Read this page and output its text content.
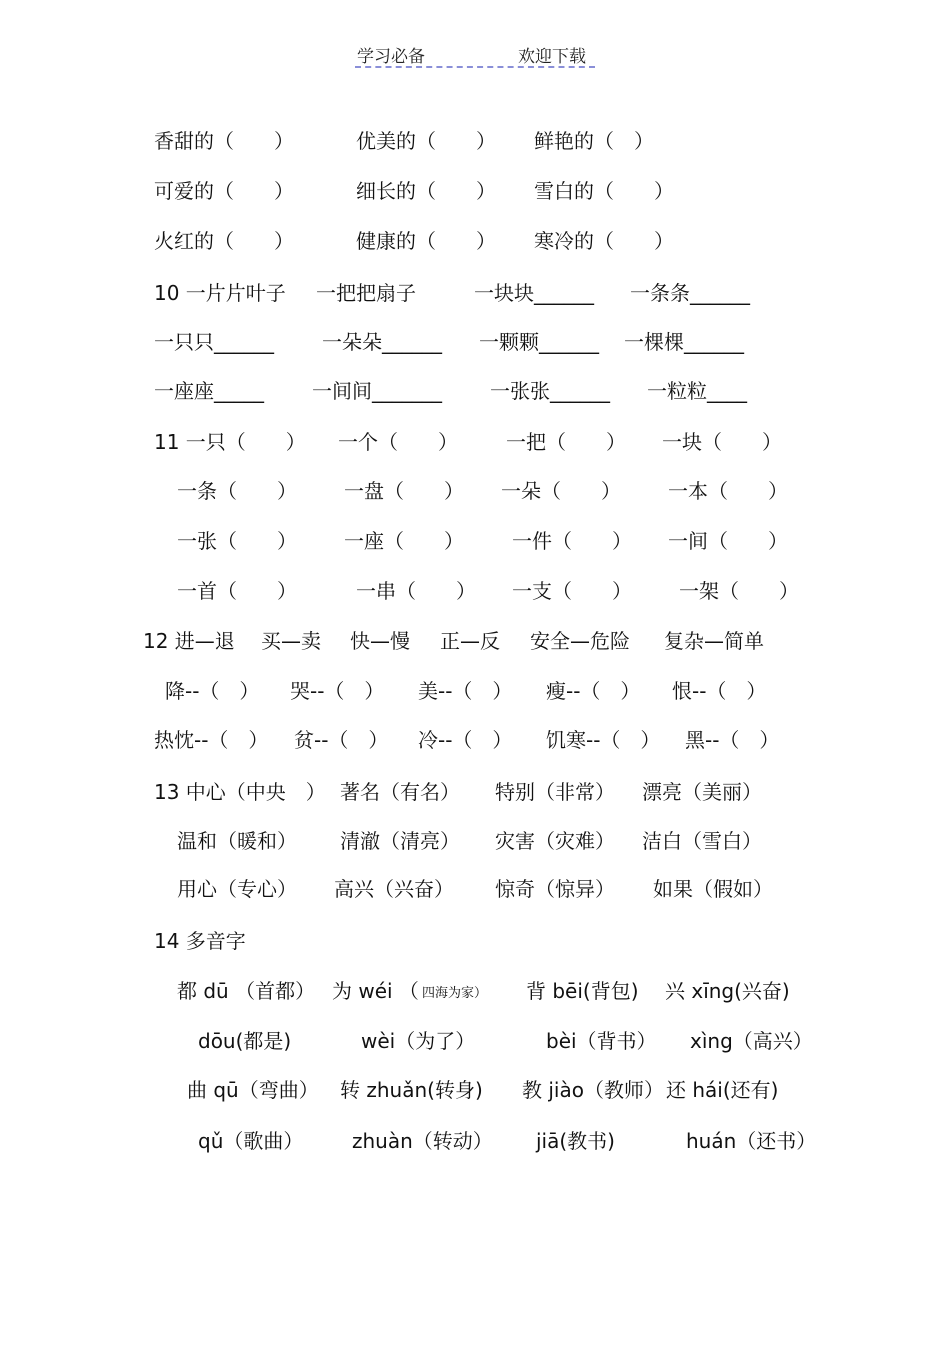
学习必备	欢迎下载
香甜的（　　）	优美的（　　） 鲜艳的（　）
可爱的（　　）	细长的（　　） 雪白的（　　）
火红的（　　）	健康的（　　） 寒冷的（　　）
10 一片片叶子 一把把扇子	一块块______ 一条条______
一只只______ 一朵朵______ 一颗颗______ 一棵棵______
一座座_____ 一间间_______ 一张张______ 一粒粒____
11 一只（　　） 一个（　　） 一把（　　） 一块（　　）
一条（　　） 一盘（　　） 一朵（　　） 一本（　　）
一张（　　） 一座（　　） 一件（　　） 一间（　　）
一首（　　）	一串（　　） 一支（　　） 一架（　　）
12 进—退 买—卖 快—慢 正—反 安全—危险 复杂—简单
降--（　） 哭--（　） 美--（　） 瘦--（　） 恨--（　）
热忱--（　） 贫--（　） 冷--（　） 饥寒--（　） 黑--（　）
13 中心（中央　） 著名（有名） 特别（非常） 漂亮（美丽）
温和（暖和） 清澈（清亮） 灾害（灾难） 洁白（雪白）
用心（专心） 高兴（兴奋） 惊奇（惊异） 如果（假如）
14 多音字
都 dū （首都） 为 wéi （ 四海为家） 背 bēi(背包) 兴 xīng(兴奋)
dōu(都是)	wèi（为了）	bèi（背书） xìng（高兴）
曲 qū（弯曲） 转 zhuǎn(转身) 教 jiào（教师） 还 hái(还有)
qǔ（歌曲） zhuàn（转动） jiā(教书)	huán（还书）
